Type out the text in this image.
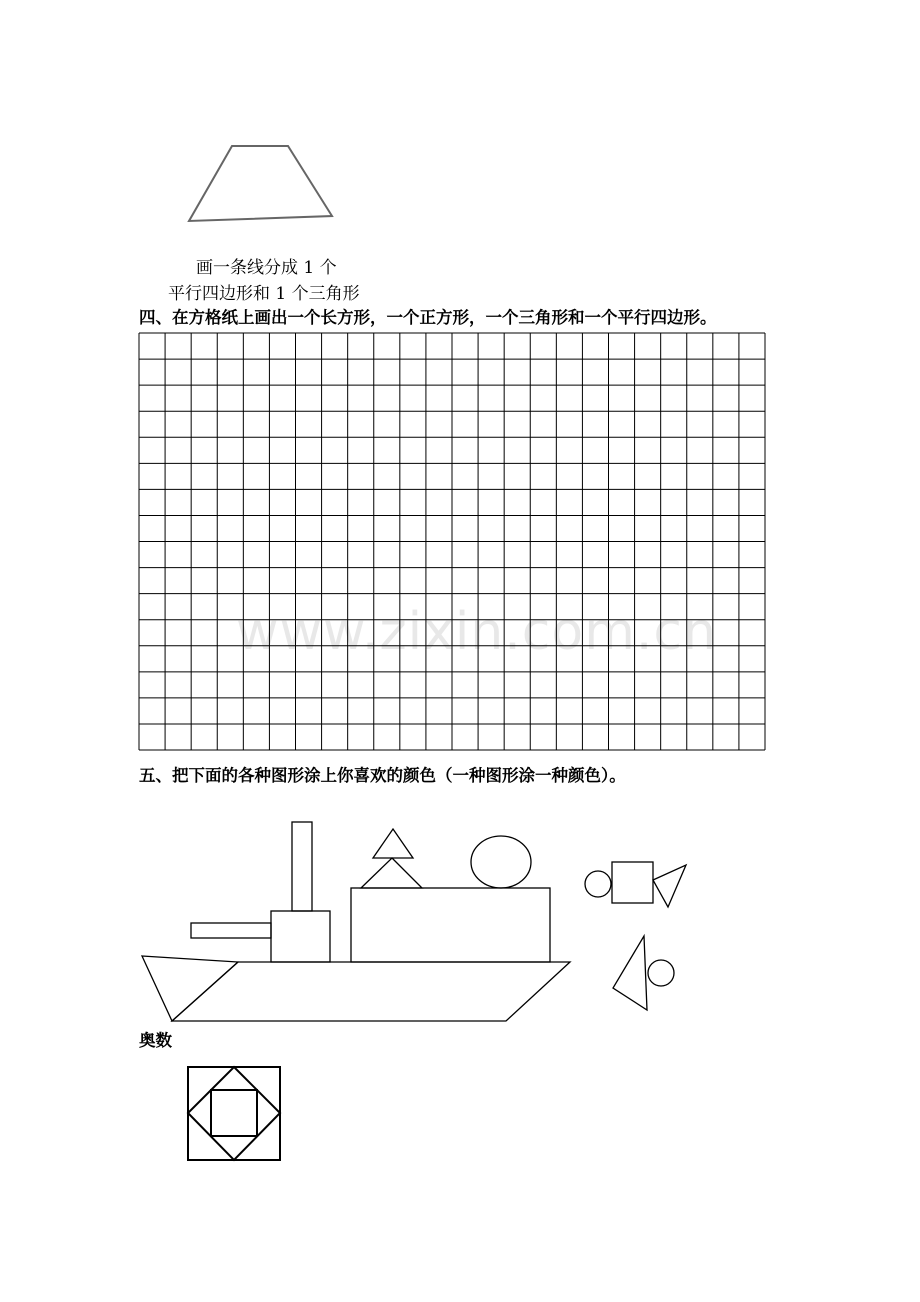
www.zixin.com.cn
画一条线分成 1 个
平行四边形和 1 个三角形
四、在方格纸上画出一个长方形，一个正方形，一个三角形和一个平行四边形。
五、把下面的各种图形涂上你喜欢的颜色（一种图形涂一种颜色）。
奥数
